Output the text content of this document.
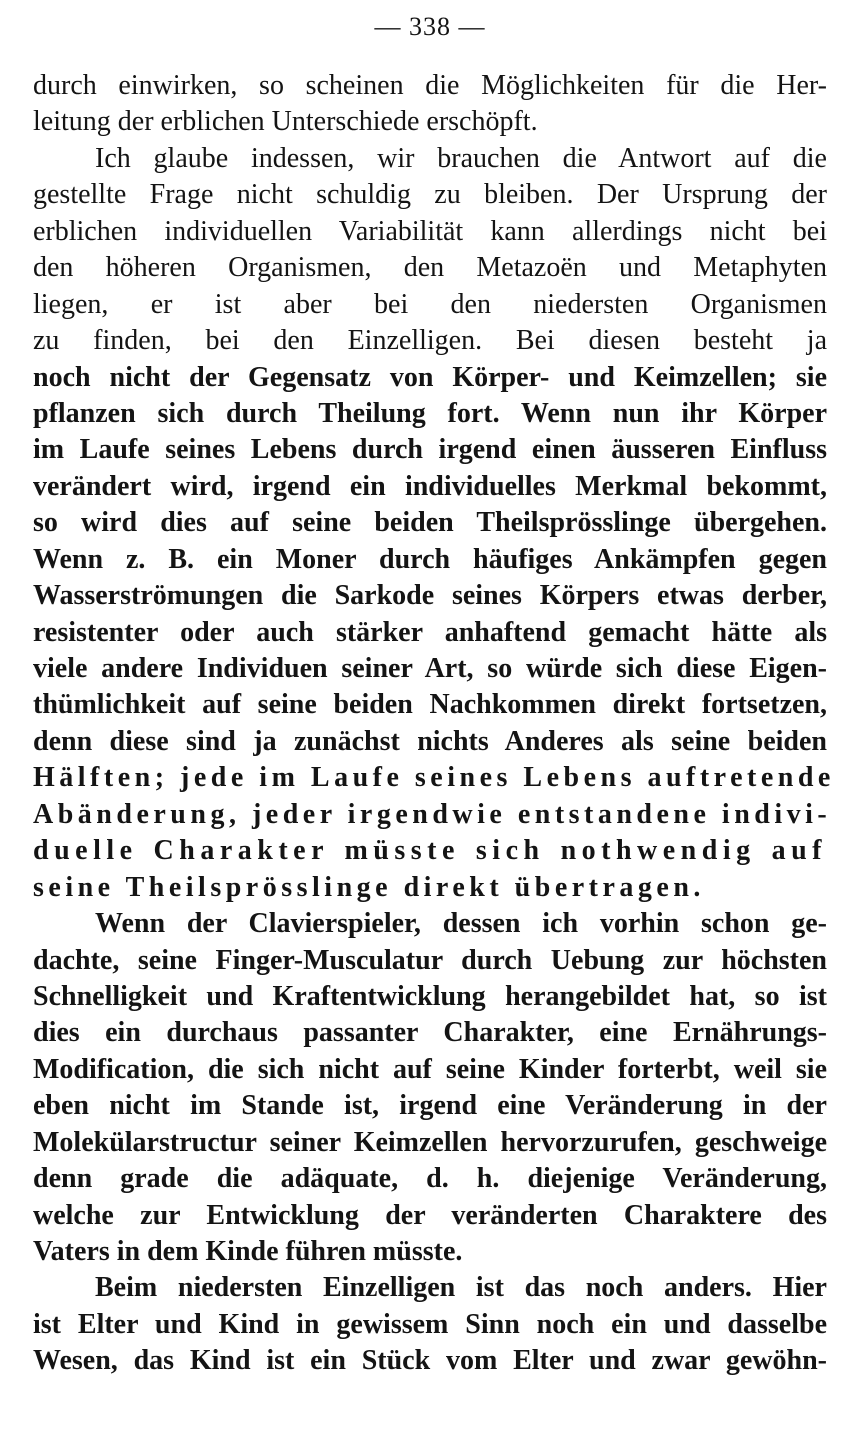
— 338 —
durch einwirken, so scheinen die Möglichkeiten für die Her-
leitung der erblichen Unterschiede erschöpft.
Ich glaube indessen, wir brauchen die Antwort auf die
gestellte Frage nicht schuldig zu bleiben. Der Ursprung der
erblichen individuellen Variabilität kann allerdings nicht bei
den höheren Organismen, den Metazoën und Metaphyten
liegen, er ist aber bei den niedersten Organismen
zu finden, bei den Einzelligen. Bei diesen besteht ja
noch nicht der Gegensatz von Körper- und Keimzellen; sie
pflanzen sich durch Theilung fort. Wenn nun ihr Körper
im Laufe seines Lebens durch irgend einen äusseren Einfluss
verändert wird, irgend ein individuelles Merkmal bekommt,
so wird dies auf seine beiden Theilsprösslinge übergehen.
Wenn z. B. ein Moner durch häufiges Ankämpfen gegen
Wasserströmungen die Sarkode seines Körpers etwas derber,
resistenter oder auch stärker anhaftend gemacht hätte als
viele andere Individuen seiner Art, so würde sich diese Eigen-
thümlichkeit auf seine beiden Nachkommen direkt fortsetzen,
denn diese sind ja zunächst nichts Anderes als seine beiden
Hälften; jede im Laufe seines Lebens auftretende
Abänderung, jeder irgendwie entstandene indivi-
duelle Charakter müsste sich nothwendig auf
seine Theilsprösslinge direkt übertragen.
Wenn der Clavierspieler, dessen ich vorhin schon ge-
dachte, seine Finger-Musculatur durch Uebung zur höchsten
Schnelligkeit und Kraftentwicklung herangebildet hat, so ist
dies ein durchaus passanter Charakter, eine Ernährungs-
Modification, die sich nicht auf seine Kinder forterbt, weil sie
eben nicht im Stande ist, irgend eine Veränderung in der
Molekülarstructur seiner Keimzellen hervorzurufen, geschweige
denn grade die adäquate, d. h. diejenige Veränderung,
welche zur Entwicklung der veränderten Charaktere des
Vaters in dem Kinde führen müsste.
Beim niedersten Einzelligen ist das noch anders. Hier
ist Elter und Kind in gewissem Sinn noch ein und dasselbe
Wesen, das Kind ist ein Stück vom Elter und zwar gewöhn-
